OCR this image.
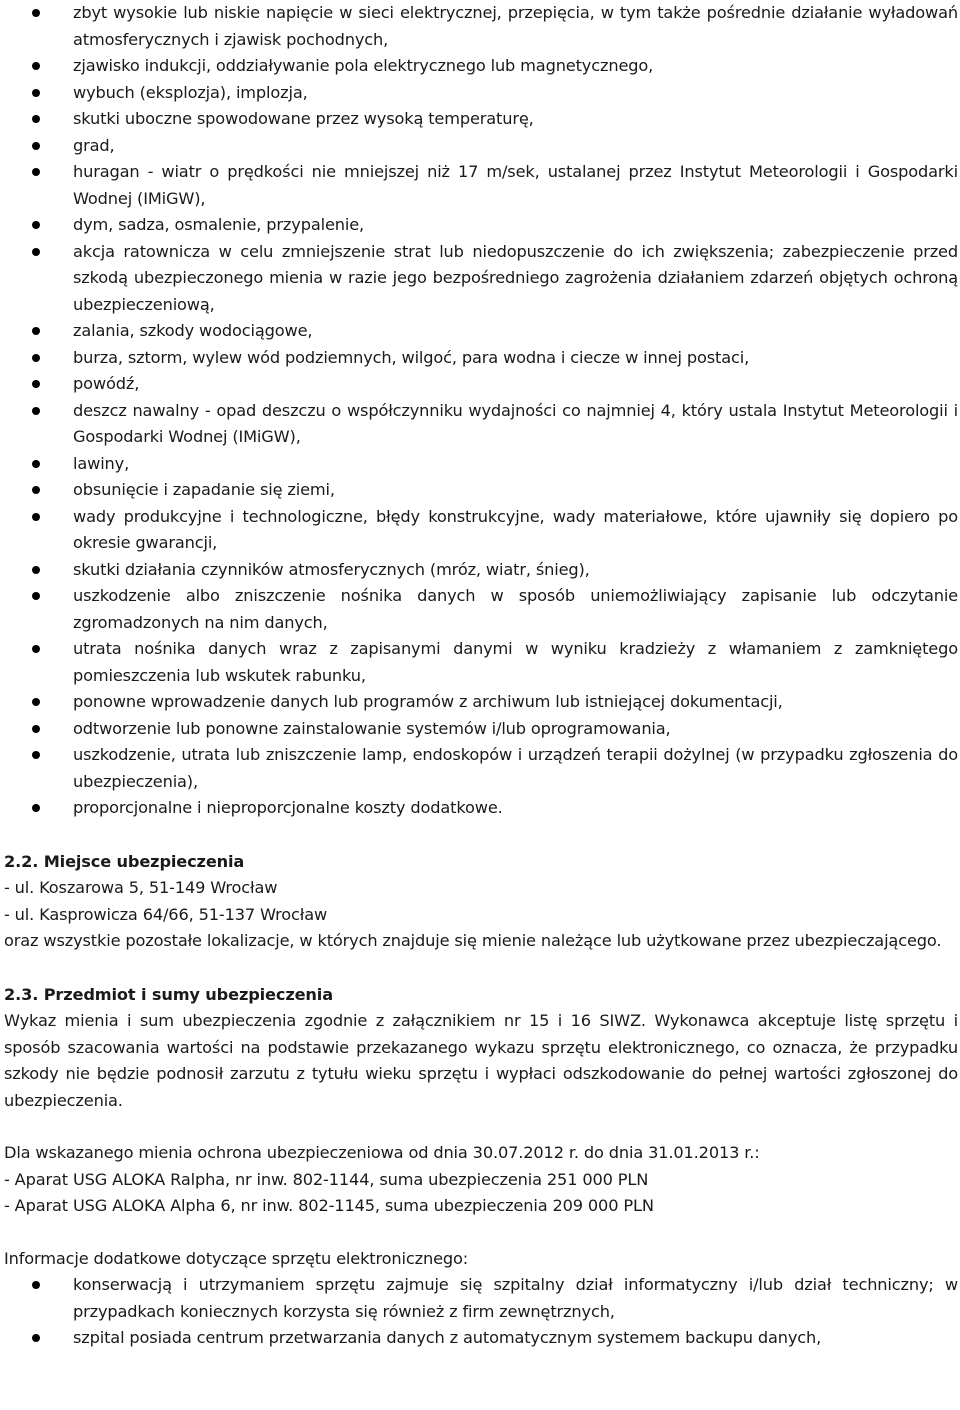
zbyt wysokie lub niskie napięcie w sieci elektrycznej, przepięcia, w tym także pośrednie działanie wyładowań atmosferycznych i zjawisk pochodnych,
zjawisko indukcji, oddziaływanie pola elektrycznego lub magnetycznego,
wybuch (eksplozja), implozja,
skutki uboczne spowodowane przez wysoką temperaturę,
grad,
huragan - wiatr o prędkości nie mniejszej niż 17 m/sek, ustalanej przez Instytut Meteorologii i Gospodarki Wodnej (IMiGW),
dym, sadza, osmalenie, przypalenie,
akcja ratownicza w celu zmniejszenie strat lub niedopuszczenie do ich zwiększenia; zabezpieczenie przed szkodą ubezpieczonego mienia w razie jego bezpośredniego zagrożenia działaniem zdarzeń objętych ochroną ubezpieczeniową,
zalania, szkody wodociągowe,
burza, sztorm, wylew wód podziemnych, wilgoć, para wodna i ciecze w innej postaci,
powódź,
deszcz nawalny - opad deszczu o współczynniku wydajności co najmniej 4, który ustala Instytut Meteorologii i Gospodarki Wodnej (IMiGW),
lawiny,
obsunięcie i zapadanie się ziemi,
wady produkcyjne i technologiczne, błędy konstrukcyjne, wady materiałowe, które ujawniły się dopiero po okresie gwarancji,
skutki działania czynników atmosferycznych (mróz, wiatr, śnieg),
uszkodzenie albo zniszczenie nośnika danych w sposób uniemożliwiający zapisanie lub odczytanie zgromadzonych na nim danych,
utrata nośnika danych wraz z zapisanymi danymi w wyniku kradzieży z włamaniem z zamkniętego pomieszczenia lub wskutek rabunku,
ponowne wprowadzenie danych lub programów z archiwum lub istniejącej dokumentacji,
odtworzenie lub ponowne zainstalowanie systemów i/lub oprogramowania,
uszkodzenie, utrata lub zniszczenie lamp, endoskopów i urządzeń terapii dożylnej (w przypadku zgłoszenia do ubezpieczenia),
proporcjonalne i nieproporcjonalne koszty dodatkowe.
2.2. Miejsce ubezpieczenia
- ul. Koszarowa 5, 51-149 Wrocław
- ul. Kasprowicza 64/66, 51-137 Wrocław
oraz wszystkie pozostałe lokalizacje, w których znajduje się mienie należące lub użytkowane przez ubezpieczającego.
2.3. Przedmiot i sumy ubezpieczenia
Wykaz mienia i sum ubezpieczenia zgodnie z załącznikiem nr 15 i 16 SIWZ. Wykonawca akceptuje listę sprzętu i sposób szacowania wartości na podstawie przekazanego wykazu sprzętu elektronicznego, co oznacza, że przypadku szkody nie będzie podnosił zarzutu z tytułu wieku sprzętu i wypłaci odszkodowanie do pełnej wartości zgłoszonej do ubezpieczenia.
Dla wskazanego mienia ochrona ubezpieczeniowa od dnia 30.07.2012 r. do dnia 31.01.2013 r.:
- Aparat USG ALOKA Ralpha, nr inw. 802-1144, suma ubezpieczenia 251 000 PLN
- Aparat USG ALOKA Alpha 6, nr inw. 802-1145, suma ubezpieczenia 209 000 PLN
Informacje dodatkowe dotyczące sprzętu elektronicznego:
konserwacją i utrzymaniem sprzętu zajmuje się szpitalny dział informatyczny i/lub dział techniczny; w przypadkach koniecznych korzysta się również z firm zewnętrznych,
szpital posiada centrum przetwarzania danych z automatycznym systemem backupu danych,
